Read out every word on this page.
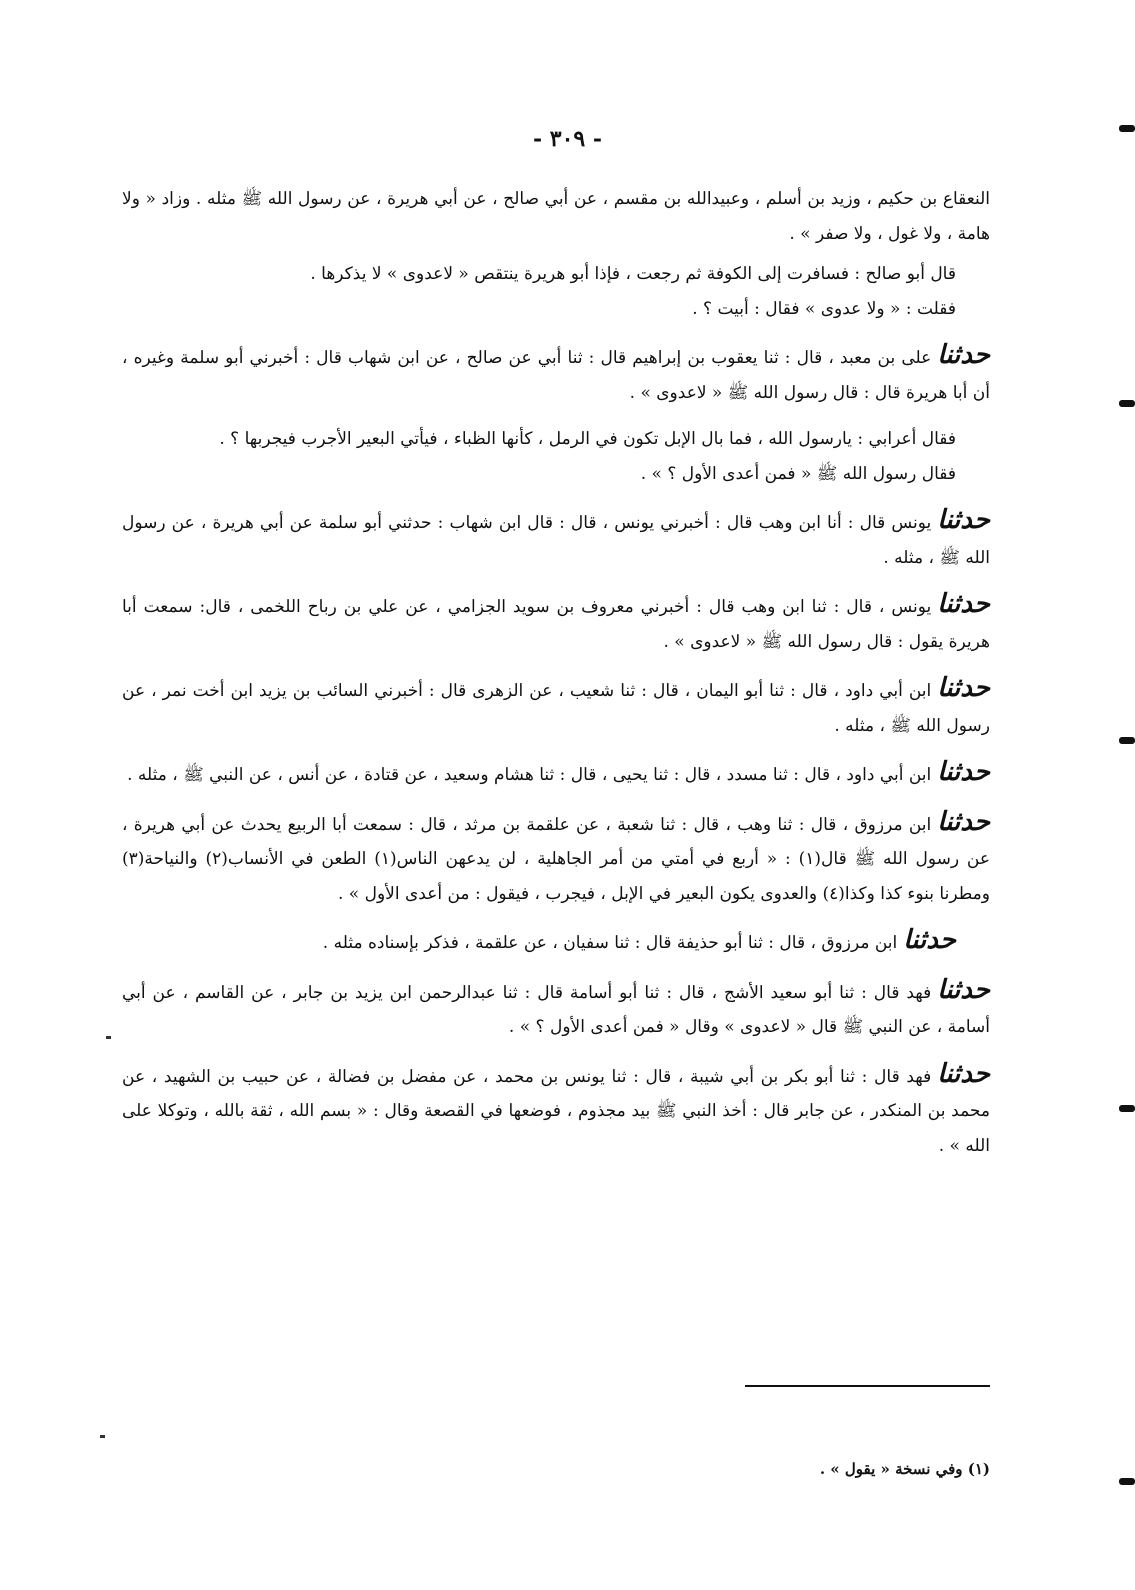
- ٣٠٩ -

النعقاع بن حكيم ، وزيد بن أسلم ، وعبيدالله بن مقسم ، عن أبي صالح ، عن أبي هريرة ، عن رسول الله ﷺ مثله . وزاد « ولا هامة ، ولا غول ، ولا صفر » .

قال أبو صالح : فسافرت إلى الكوفة ثم رجعت ، فإذا أبو هريرة ينتقص « لاعدوى » لا يذكرها .

فقلت : « ولا عدوى » فقال : أبيت ؟ .

حدثناعلى بن معبد ، قال : ثنا يعقوب بن إبراهيم قال : ثنا أبي عن صالح ، عن ابن شهاب قال : أخبرني أبو سلمة وغيره ، أن أبا هريرة قال : قال رسول الله ﷺ « لاعدوى » .

فقال أعرابي : يارسول الله ، فما بال الإبل تكون في الرمل ، كأنها الظباء ، فيأتي البعير الأجرب فيجربها ؟ .

فقال رسول الله ﷺ « فمن أعدى الأول ؟ » .

حدثنايونس قال : أنا ابن وهب قال : أخبرني يونس ، قال : قال ابن شهاب : حدثني أبو سلمة عن أبي هريرة ، عن رسول الله ﷺ ، مثله .

حدثنايونس ، قال : ثنا ابن وهب قال : أخبرني معروف بن سويد الجزامي ، عن علي بن رباح اللخمى ، قال: سمعت أبا هريرة يقول : قال رسول الله ﷺ « لاعدوى » .

حدثناابن أبي داود ، قال : ثنا أبو اليمان ، قال : ثنا شعيب ، عن الزهرى قال : أخبرني السائب بن يزيد ابن أخت نمر ، عن رسول الله ﷺ ، مثله .

حدثناابن أبي داود ، قال : ثنا مسدد ، قال : ثنا يحيى ، قال : ثنا هشام وسعيد ، عن قتادة ، عن أنس ، عن النبي ﷺ ، مثله .

حدثناابن مرزوق ، قال : ثنا وهب ، قال : ثنا شعبة ، عن علقمة بن مرثد ، قال : سمعت أبا الربيع يحدث عن أبي هريرة ، عن رسول الله ﷺ قال(١) : « أربع في أمتي من أمر الجاهلية ، لن يدعهن الناس(١) الطعن في الأنساب(٢) والنياحة(٣) ومطرنا بنوء كذا وكذا(٤) والعدوى يكون البعير في الإبل ، فيجرب ، فيقول : من أعدى الأول » .

حدثناابن مرزوق ، قال : ثنا أبو حذيفة قال : ثنا سفيان ، عن علقمة ، فذكر بإسناده مثله .

حدثنافهد قال : ثنا أبو سعيد الأشج ، قال : ثنا أبو أسامة قال : ثنا عبدالرحمن ابن يزيد بن جابر ، عن القاسم ، عن أبي أسامة ، عن النبي ﷺ قال « لاعدوى » وقال « فمن أعدى الأول ؟ » .

حدثنافهد قال : ثنا أبو بكر بن أبي شيبة ، قال : ثنا يونس بن محمد ، عن مفضل بن فضالة ، عن حبيب بن الشهيد ، عن محمد بن المنكدر ، عن جابر قال : أخذ النبي ﷺ بيد مجذوم ، فوضعها في القصعة وقال : « بسم الله ، ثقة بالله ، وتوكلا على الله » .

(١) وفي نسخة « يقول » .
